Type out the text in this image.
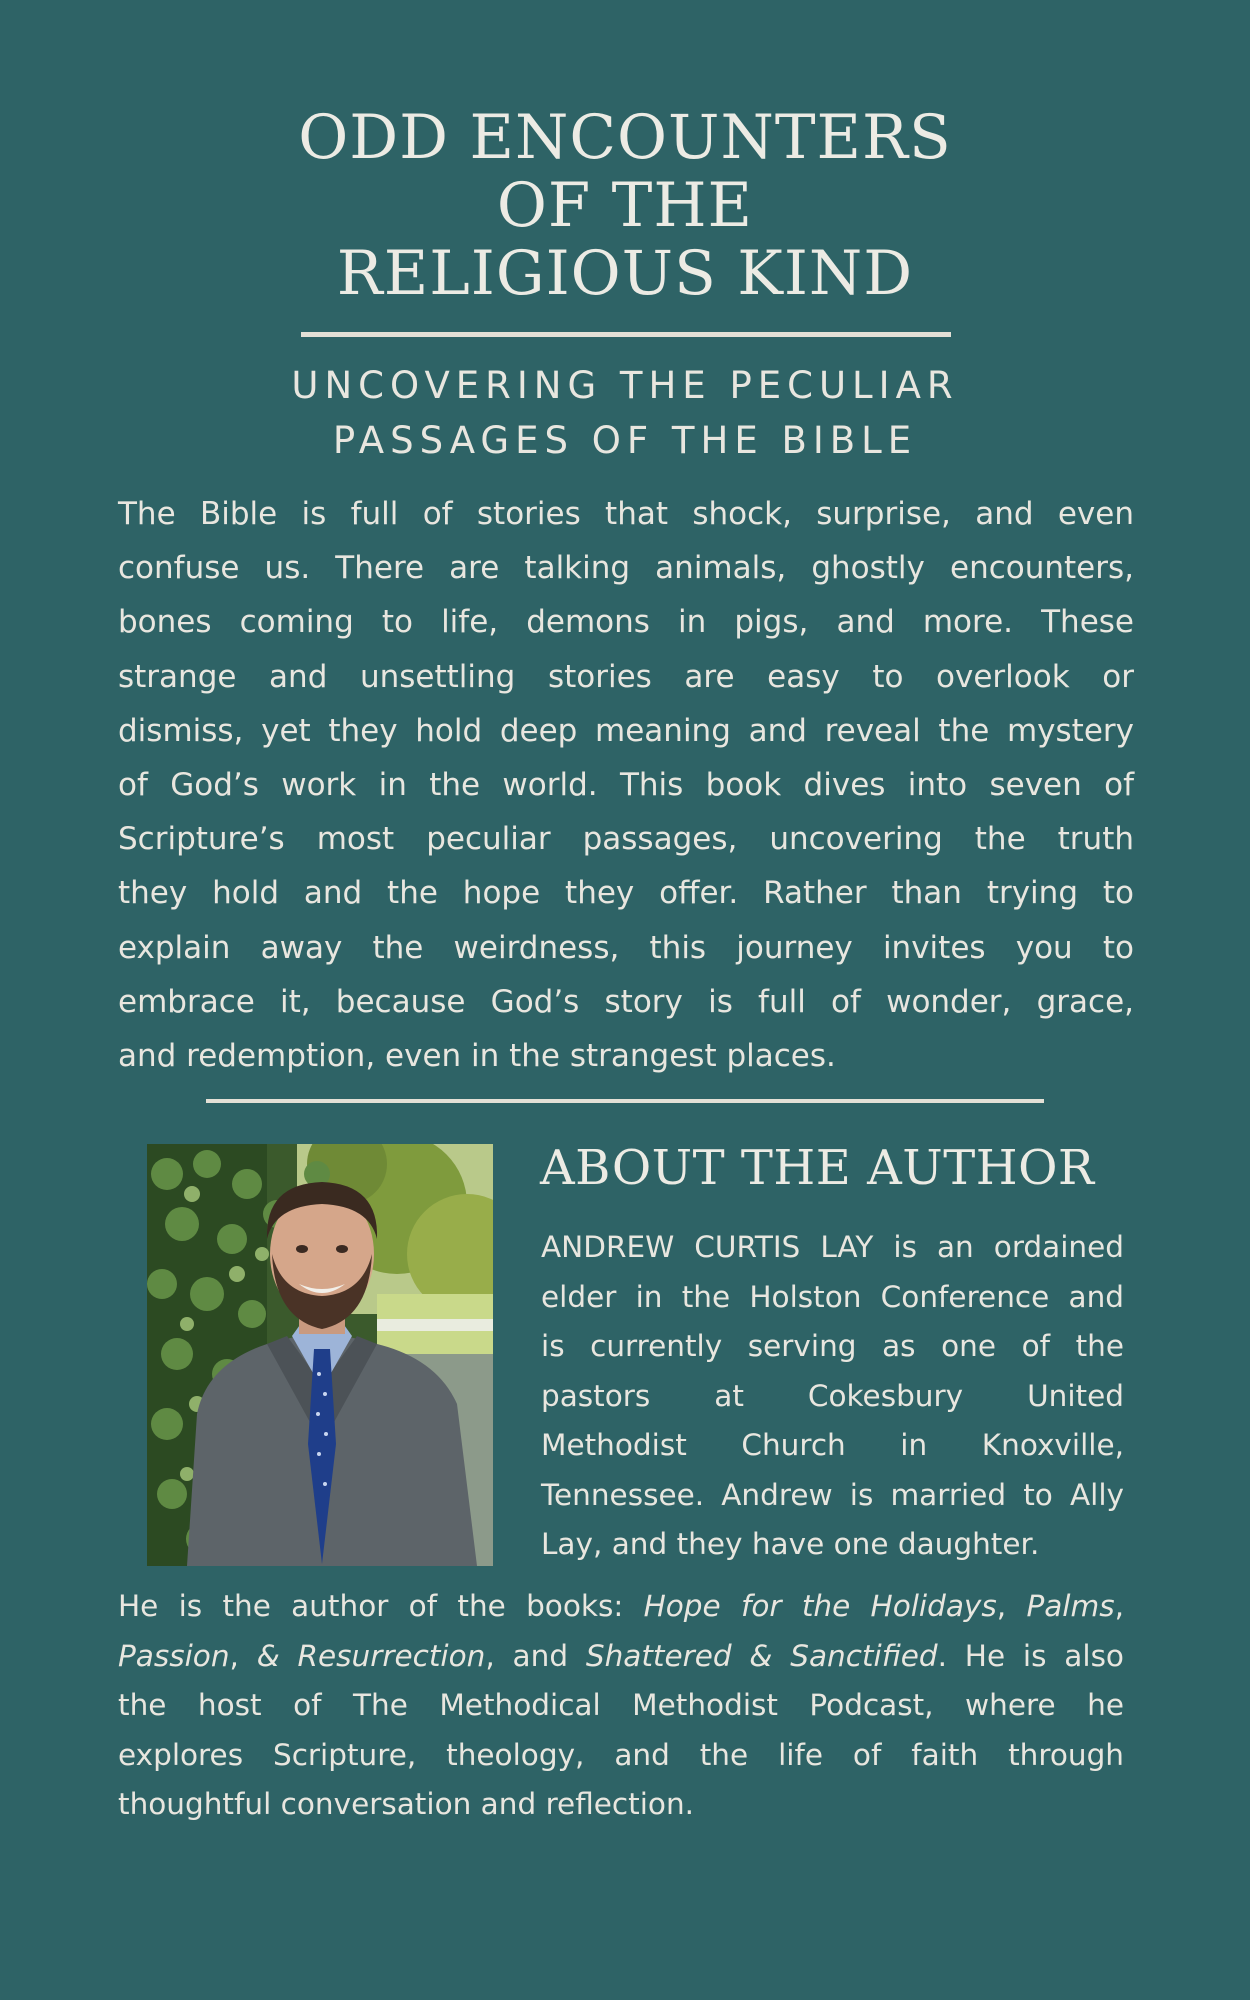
ODD ENCOUNTERS
OF THE
RELIGIOUS KIND
UNCOVERING THE PECULIAR
PASSAGES OF THE BIBLE
The Bible is full of stories that shock, surprise, and even
confuse us. There are talking animals, ghostly encounters,
bones coming to life, demons in pigs, and more. These
strange and unsettling stories are easy to overlook or
dismiss, yet they hold deep meaning and reveal the mystery
of God’s work in the world. This book dives into seven of
Scripture’s most peculiar passages, uncovering the truth
they hold and the hope they offer. Rather than trying to
explain away the weirdness, this journey invites you to
embrace it, because God’s story is full of wonder, grace,
and redemption, even in the strangest places.
ABOUT THE AUTHOR
ANDREW CURTIS LAY is an ordained
elder in the Holston Conference and
is currently serving as one of the
pastors at Cokesbury United
Methodist Church in Knoxville,
Tennessee. Andrew is married to Ally
Lay, and they have one daughter.
He is the author of the books: Hope for the Holidays, Palms,
Passion, & Resurrection, and Shattered & Sanctified. He is also
the host of The Methodical Methodist Podcast, where he
explores Scripture, theology, and the life of faith through
thoughtful conversation and reflection.
